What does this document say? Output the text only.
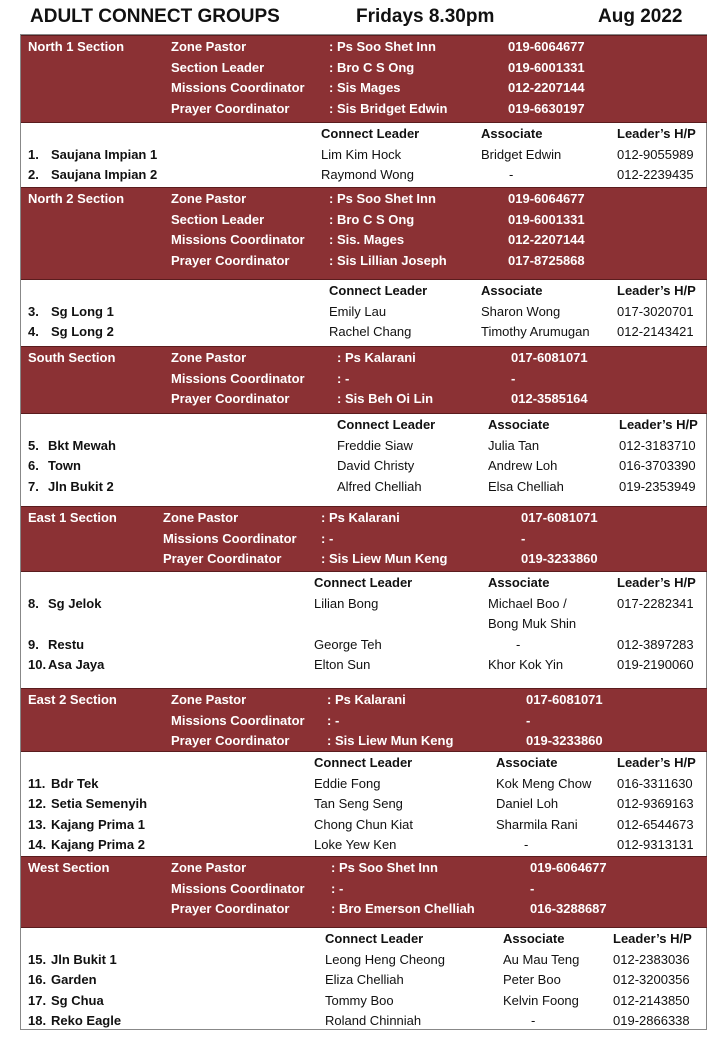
ADULT CONNECT GROUPS	Fridays 8.30pm	Aug 2022
North 1 Section	Zone Pastor	: Ps Soo Shet Inn	019-6064677
Section Leader	: Bro C S Ong	019-6001331
Missions Coordinator : Sis Mages	012-2207144
Prayer Coordinator	: Sis Bridget Edwin	019-6630197
Connect Leader	Associate	Leader’s H/P
1. Saujana Impian 1	Lim Kim Hock	Bridget Edwin	012-9055989
2. Saujana Impian 2	Raymond Wong	-	012-2239435
North 2 Section	Zone Pastor	: Ps Soo Shet Inn	019-6064677
Section Leader	: Bro C S Ong	019-6001331
Missions Coordinator : Sis. Mages	012-2207144
Prayer Coordinator	: Sis Lillian Joseph	017-8725868
Connect Leader	Associate	Leader’s H/P
3. Sg Long 1	Emily Lau	Sharon Wong	017-3020701
4. Sg Long 2	Rachel Chang	Timothy Arumugan 012-2143421
South Section	Zone Pastor	: Ps Kalarani	017-6081071
Missions Coordinator : -	-
Prayer Coordinator	: Sis Beh Oi Lin	012-3585164
Connect Leader	Associate	Leader’s H/P
5. Bkt Mewah	Freddie Siaw	Julia Tan	012-3183710
6. Town	David Christy	Andrew Loh	016-3703390
7. Jln Bukit 2	Alfred Chelliah	Elsa Chelliah	019-2353949
East 1 Section	Zone Pastor	: Ps Kalarani	017-6081071
Missions Coordinator : -	-
Prayer Coordinator	: Sis Liew Mun Keng	019-3233860
Connect Leader	Associate	Leader’s H/P
8. Sg Jelok	Lilian Bong	Michael Boo /	017-2282341
Bong Muk Shin
9. Restu	George Teh	-	012-3897283
10. Asa Jaya	Elton Sun	Khor Kok Yin	019-2190060
East 2 Section	Zone Pastor	: Ps Kalarani	017-6081071
Missions Coordinator : -	-
Prayer Coordinator	: Sis Liew Mun Keng	019-3233860
Connect Leader	Associate	Leader’s H/P
11. Bdr Tek	Eddie Fong	Kok Meng Chow 016-3311630
12. Setia Semenyih	Tan Seng Seng	Daniel Loh	012-9369163
13. Kajang Prima 1	Chong Chun Kiat	Sharmila Rani	012-6544673
14. Kajang Prima 2	Loke Yew Ken	-	012-9313131
West Section	Zone Pastor	: Ps Soo Shet Inn	019-6064677
Missions Coordinator : -	-
Prayer Coordinator	: Bro Emerson Chelliah	016-3288687
Connect Leader	Associate	Leader’s H/P
15. Jln Bukit 1	Leong Heng Cheong	Au Mau Teng	012-2383036
16. Garden	Eliza Chelliah	Peter Boo	012-3200356
17. Sg Chua	Tommy Boo	Kelvin Foong	012-2143850
18. Reko Eagle	Roland Chinniah	-	019-2866338
